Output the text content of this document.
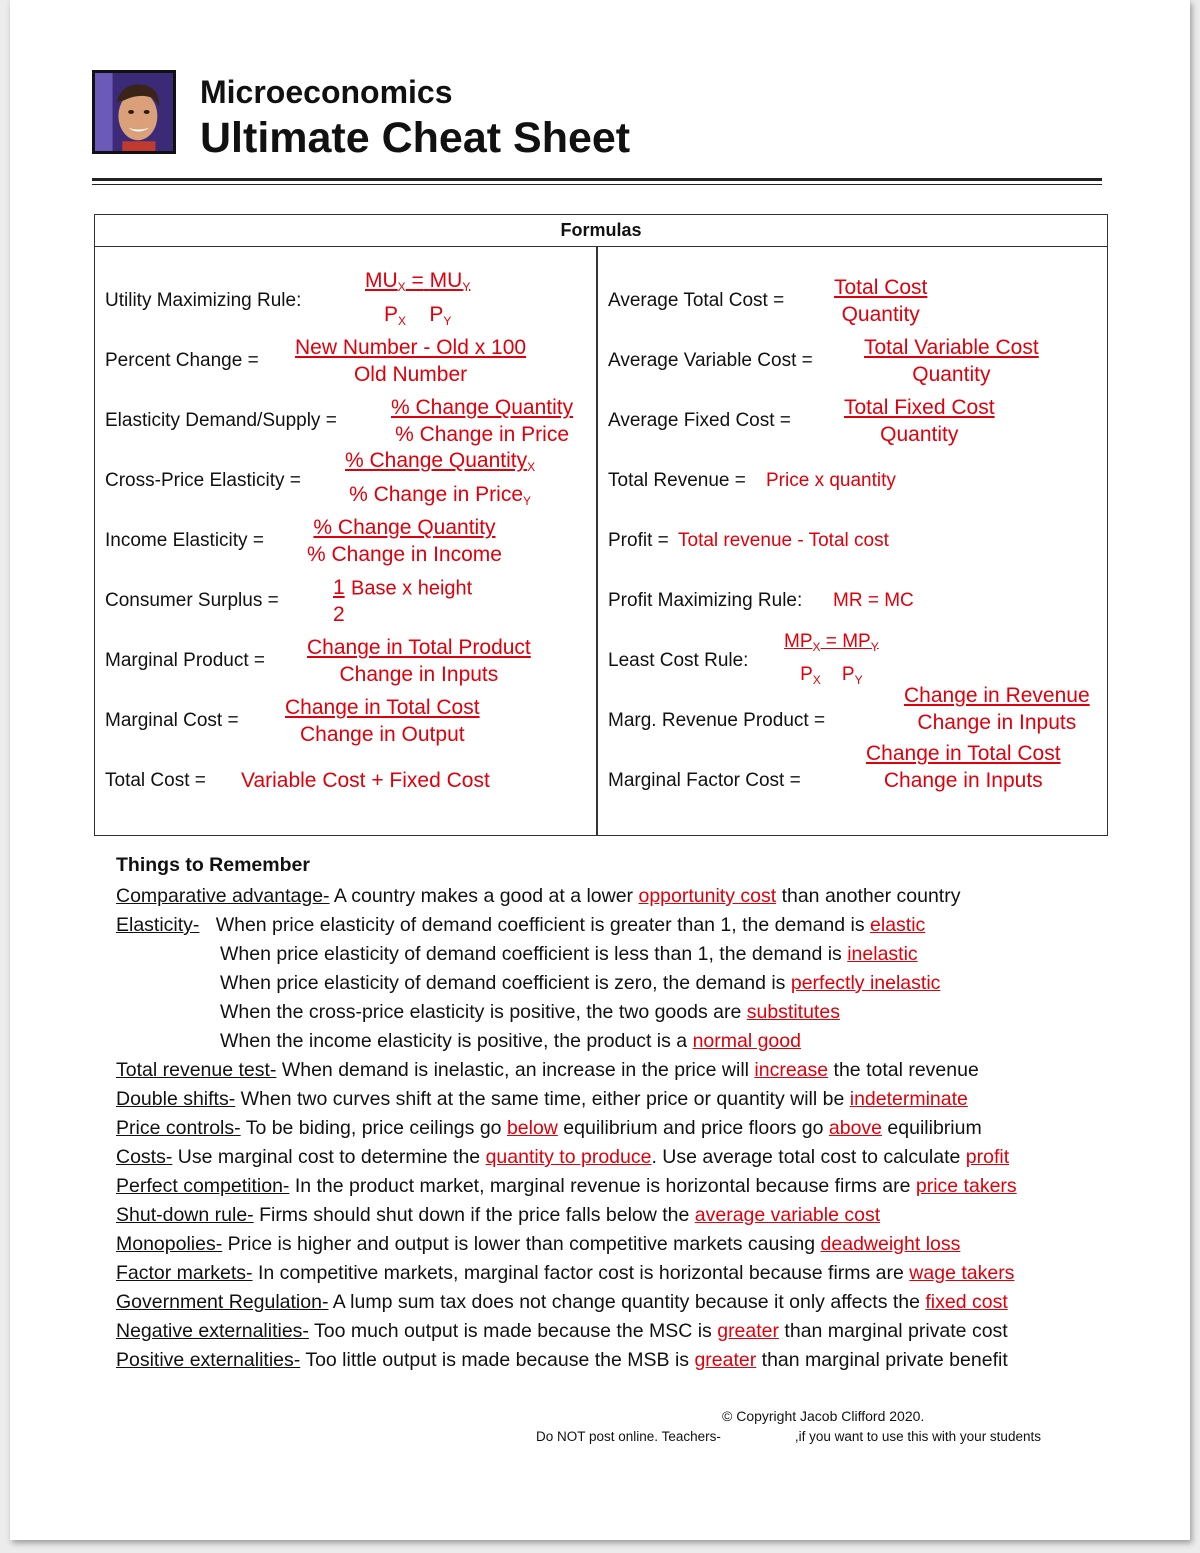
Microeconomics
Ultimate Cheat Sheet
Formulas
Utility Maximizing Rule:
$MU_X = MU_Y$
$P_X$ $P_Y$
Percent Change =
New Number - Old x 100
Old Number
Elasticity Demand/Supply =
% Change Quantity
% Change in Price
Cross-Price Elasticity =
% Change Quantity$_X$
% Change in Price$_Y$
Income Elasticity =
% Change Quantity
% Change in Income
Consumer Surplus =	$\frac{1}{2}$ Base x height
Marginal Product =
Change in Total Product
Change in Inputs
Marginal Cost =
Change in Total Cost
Change in Output
Total Cost = Variable Cost + Fixed Cost
Average Total Cost =
Total Cost
Quantity
Average Variable Cost =
Total Variable Cost
Quantity
Average Fixed Cost =
Total Fixed Cost
Quantity
Total Revenue = Price x quantity
Profit = Total revenue - Total cost
Profit Maximizing Rule: MR = MC
Least Cost Rule:
$MP_X = MP_Y$
$P_X$ $P_Y$
Marg. Revenue Product =
Change in Revenue
Change in Inputs
Marginal Factor Cost =
Change in Total Cost
Change in Inputs
Things to Remember
Comparative advantage- A country makes a good at a lower opportunity cost than another country
Elasticity- When price elasticity of demand coefficient is greater than 1, the demand is elastic
When price elasticity of demand coefficient is less than 1, the demand is inelastic
When price elasticity of demand coefficient is zero, the demand is perfectly inelastic
When the cross-price elasticity is positive, the two goods are substitutes
When the income elasticity is positive, the product is a normal good
Total revenue test- When demand is inelastic, an increase in the price will increase the total revenue
Double shifts- When two curves shift at the same time, either price or quantity will be indeterminate
Price controls- To be biding, price ceilings go below equilibrium and price floors go above equilibrium
Costs- Use marginal cost to determine the quantity to produce. Use average total cost to calculate profit
Perfect competition- In the product market, marginal revenue is horizontal because firms are price takers
Shut-down rule- Firms should shut down if the price falls below the average variable cost
Monopolies- Price is higher and output is lower than competitive markets causing deadweight loss
Factor markets- In competitive markets, marginal factor cost is horizontal because firms are wage takers
Government Regulation- A lump sum tax does not change quantity because it only affects the fixed cost
Negative externalities- Too much output is made because the MSC is greater than marginal private cost
Positive externalities- Too little output is made because the MSB is greater than marginal private benefit
© Copyright Jacob Clifford 2020.
Do NOT post online. Teachers-	,if you want to use this with your students
